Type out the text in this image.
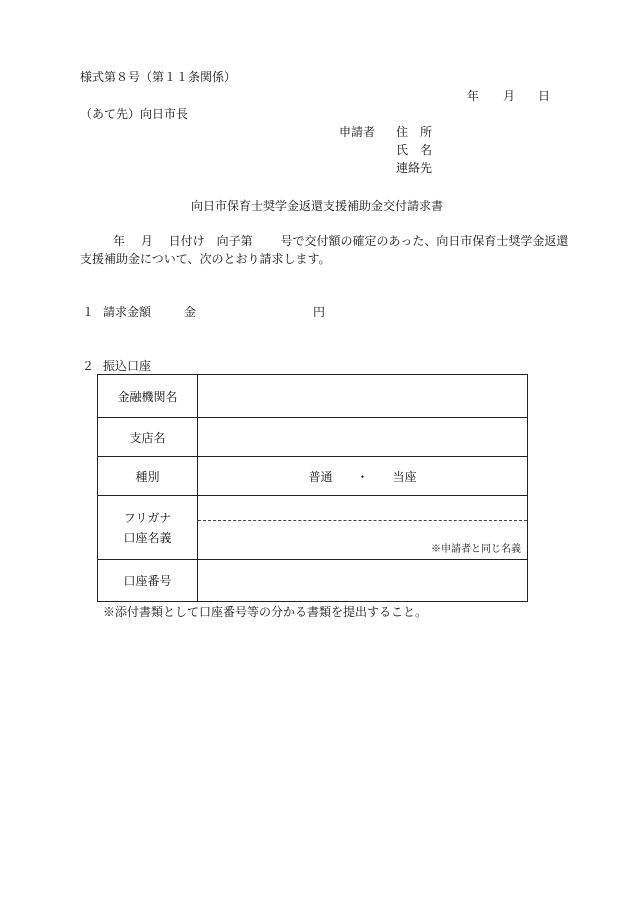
様式第８号（第１１条関係）
年 月 日
（あて先）向日市長
申請者 住　所
氏　名
連絡先
向日市保育士奨学金返還支援補助金交付請求書
年　 月　 日付け　向子第　　 号で交付額の確定のあった、向日市保育士奨学金返還
支援補助金について、次のとおり請求します。
１ 請求金額	金	円
２ 振込口座
金融機関名	
支店名	
種別	普通　　・　　当座

フリガナ
口座名義	※申請者と同じ名義

口座番号	
※添付書類として口座番号等の分かる書類を提出すること。
